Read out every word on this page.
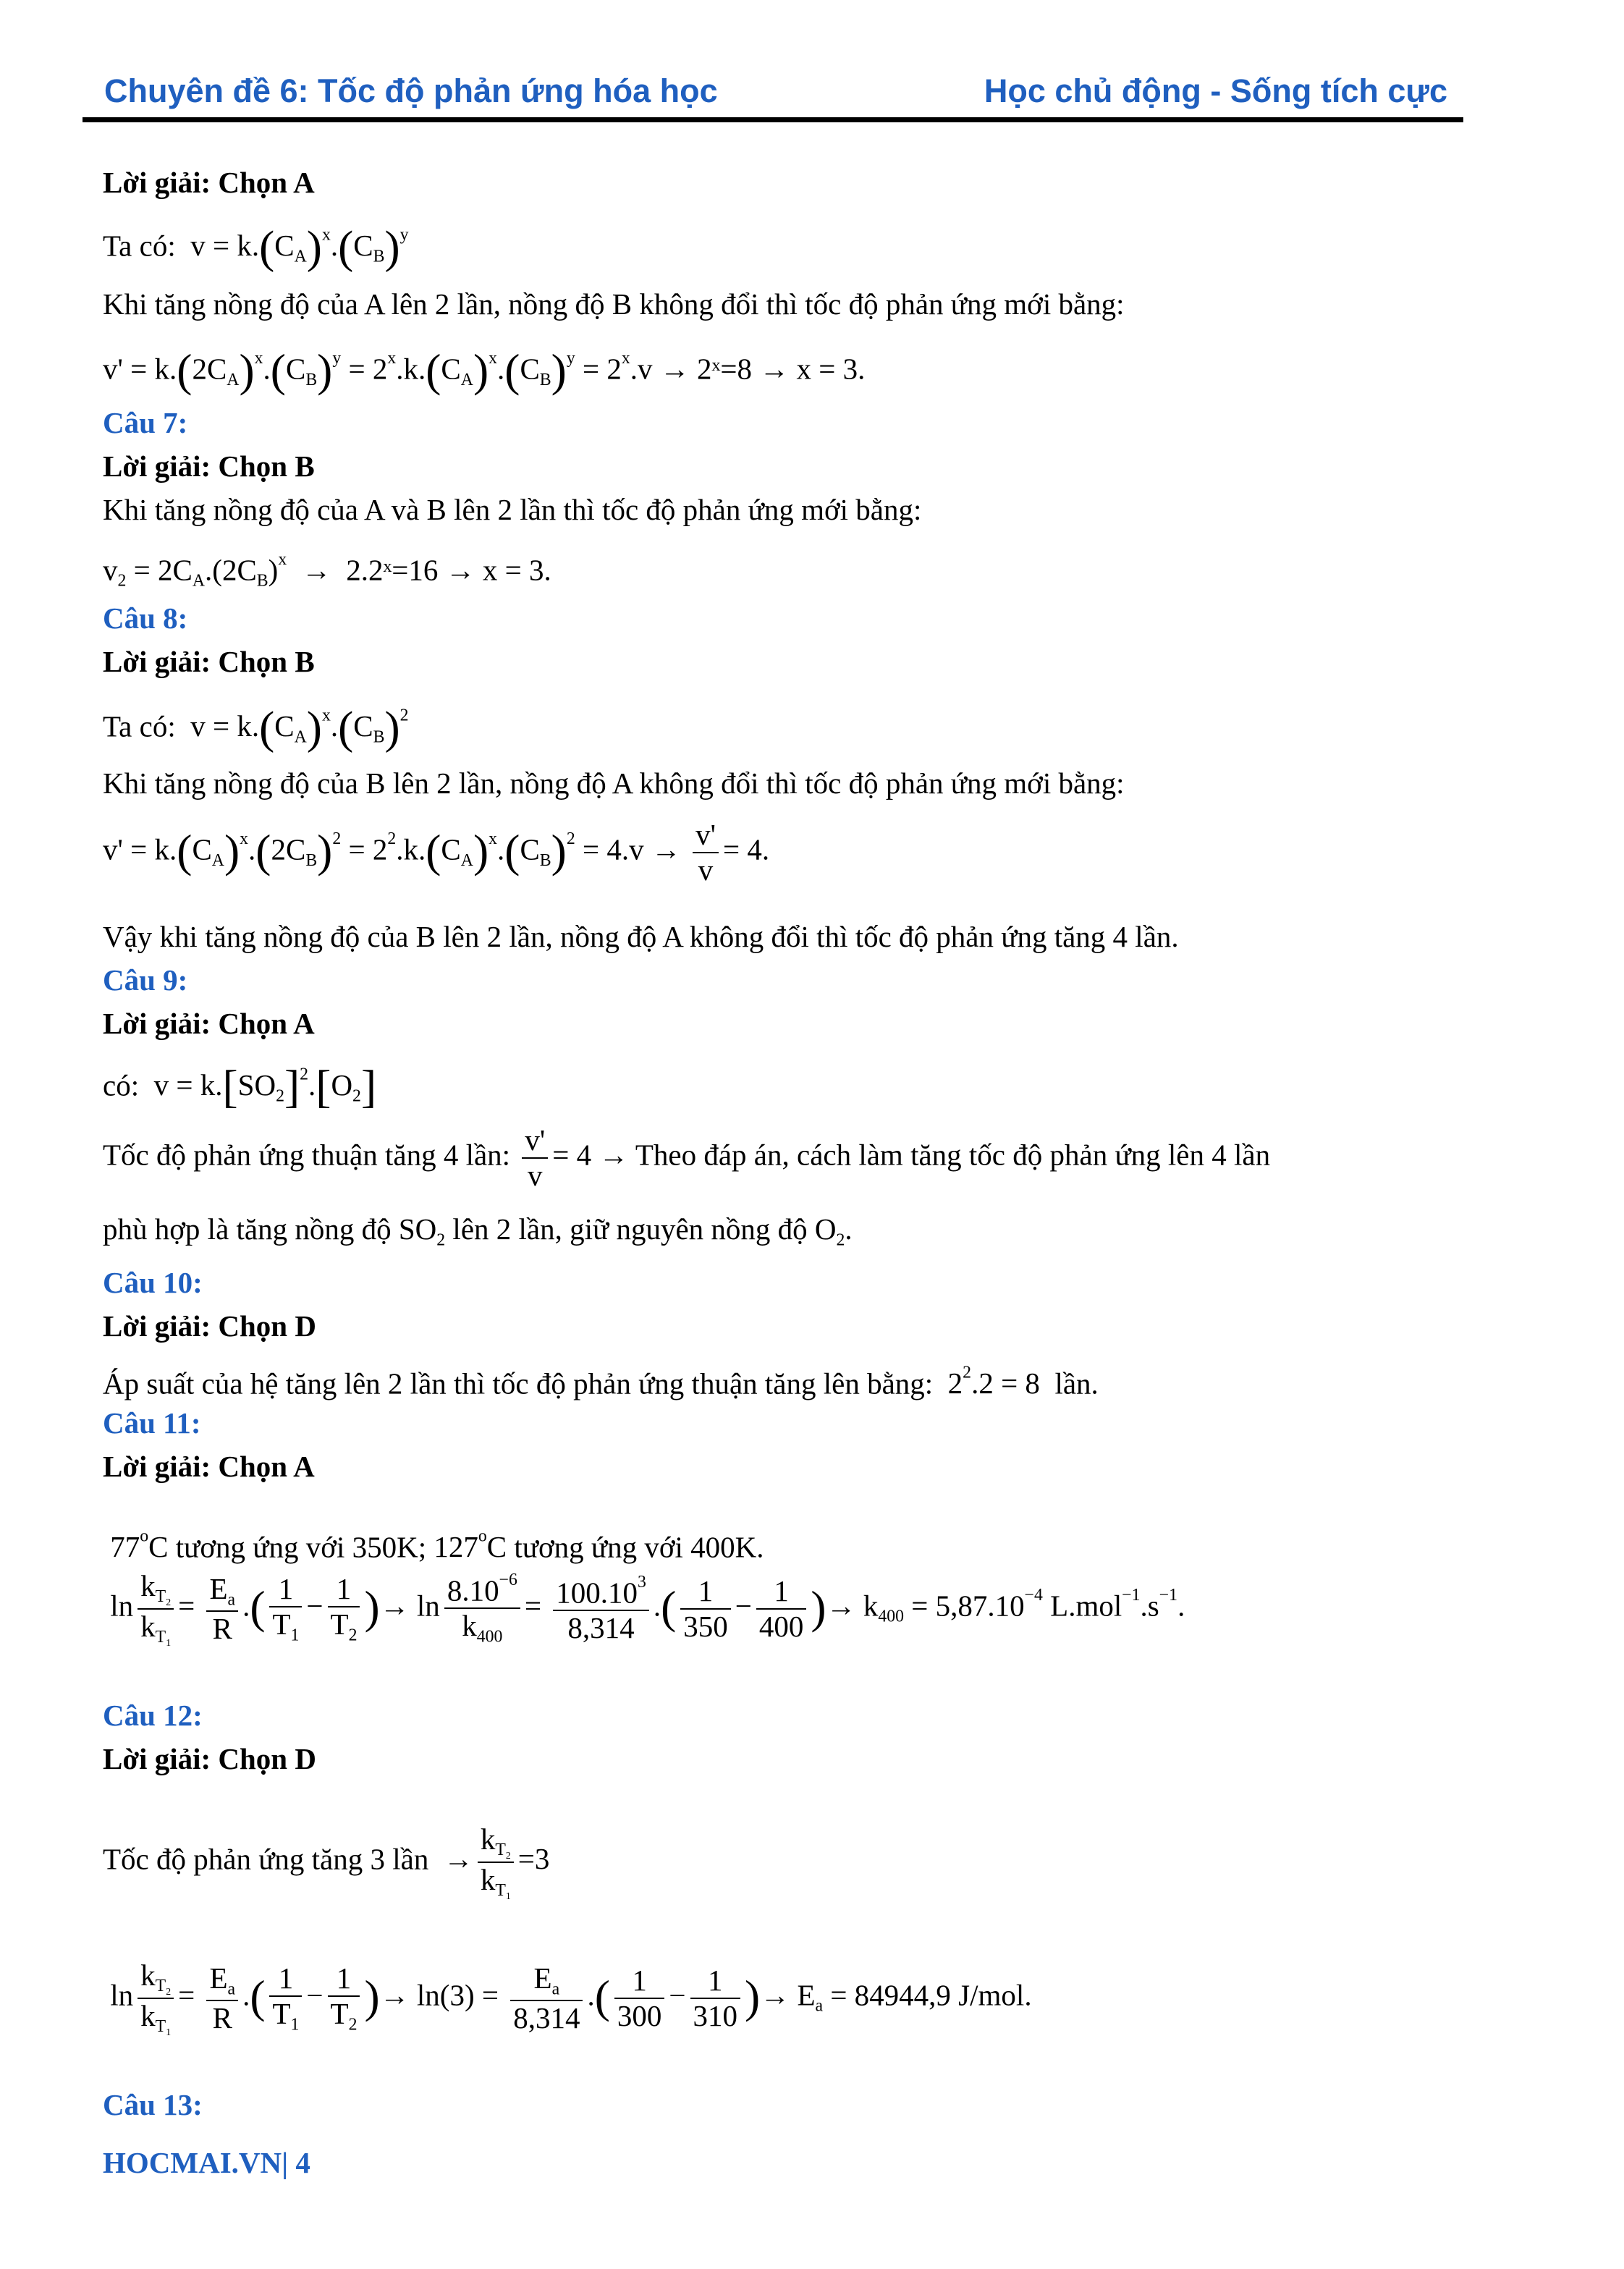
Chuyên đề 6: Tốc độ phản ứng hóa học	Học chủ động - Sống tích cực
Lời giải: Chọn A
Ta có:  $v = k.(C_A)^x.(C_B)^y$
Khi tăng nồng độ của A lên 2 lần, nồng độ B không đổi thì tốc độ phản ứng mới bằng:
$v' = k.(2C_A)^x.(C_B)^y = 2^x.k.(C_A)^x.(C_B)^y = 2^x.v$ → 2ˣ=8 → x = 3.
Câu 7:
Lời giải: Chọn B
Khi tăng nồng độ của A và B lên 2 lần thì tốc độ phản ứng mới bằng:
$v_2 = 2C_A.(2C_B)^x$  →  2.2ˣ=16 → x = 3.
Câu 8:
Lời giải: Chọn B
Ta có:  $v = k.(C_A)^x.(C_B)^2$
Khi tăng nồng độ của B lên 2 lần, nồng độ A không đổi thì tốc độ phản ứng mới bằng:
$v' = k.(C_A)^x.(2C_B)^2 = 2^2.k.(C_A)^x.(C_B)^2 = 4.v \to \frac{v'}{v} = 4$.
Vậy khi tăng nồng độ của B lên 2 lần, nồng độ A không đổi thì tốc độ phản ứng tăng 4 lần.
Câu 9:
Lời giải: Chọn A
có:  $v = k.[SO_2]^2.[O_2]$
Tốc độ phản ứng thuận tăng 4 lần: $\frac{v'}{v} = 4$ → Theo đáp án, cách làm tăng tốc độ phản ứng lên 4 lần
phù hợp là tăng nồng độ $SO_2$ lên 2 lần, giữ nguyên nồng độ $O_2$.
Câu 10:
Lời giải: Chọn D
Áp suất của hệ tăng lên 2 lần thì tốc độ phản ứng thuận tăng lên bằng:  $2^2.2 = 8$  lần.
Câu 11:
Lời giải: Chọn A
77$^o$C tương ứng với 350K; 127$^o$C tương ứng với 400K.
$\ln \frac{k_{T_2}}{k_{T_1}} = \frac{E_a}{R}$ .( $\frac{1}{T_1} - \frac{1}{T_2}$ )→ $\ln \frac{8.10^{-6}}{k_{400}} = \frac{100.10^3}{8,314}$ .( $\frac{1}{350} - \frac{1}{400}$ )→ $k_{400} = 5,87.10^{-4}$ $L.mol^{-1}.s^{-1}$.
Câu 12:
Lời giải: Chọn D
Tốc độ phản ứng tăng 3 lần  → $\frac{k_{T_2}}{k_{T_1}} =3$
$\ln \frac{k_{T_2}}{k_{T_1}} = \frac{E_a}{R}$ .( $\frac{1}{T_1} - \frac{1}{T_2}$ )→ $\ln(3) = \frac{E_a}{8,314}$ .( $\frac{1}{300} - \frac{1}{310}$ )→ $E_a = 84944,9$ J/mol.
Câu 13:
HOCMAI.VN| 4
